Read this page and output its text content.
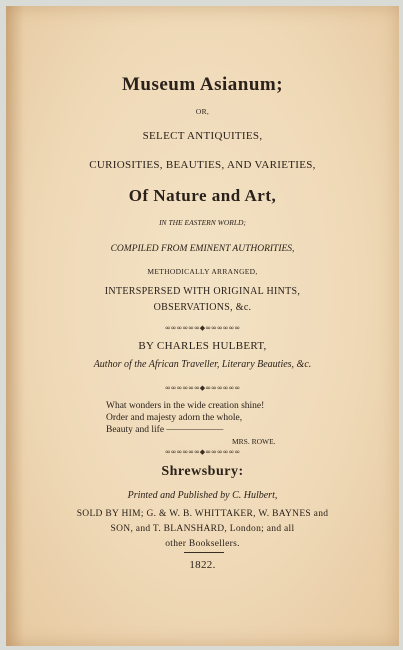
Museum Asianum;
OR,
SELECT ANTIQUITIES,
CURIOSITIES, BEAUTIES, AND VARIETIES,
Of Nature and Art,
IN THE EASTERN WORLD;
COMPILED FROM EMINENT AUTHORITIES,
METHODICALLY ARRANGED,
INTERSPERSED WITH ORIGINAL HINTS,
OBSERVATIONS, &c.
∞∞∞∞∞∞◆∞∞∞∞∞∞
BY CHARLES HULBERT,
Author of the African Traveller, Literary Beauties, &c.
∞∞∞∞∞∞◆∞∞∞∞∞∞
What wonders in the wide creation shine!
Order and majesty adorn the whole,
Beauty and life ——————
MRS. ROWE.
∞∞∞∞∞∞◆∞∞∞∞∞∞
Shrewsbury:
Printed and Published by C. Hulbert,
SOLD BY HIM; G. & W. B. WHITTAKER, W. BAYNES and
SON, and T. BLANSHARD, London; and all
other Booksellers.
1822.
